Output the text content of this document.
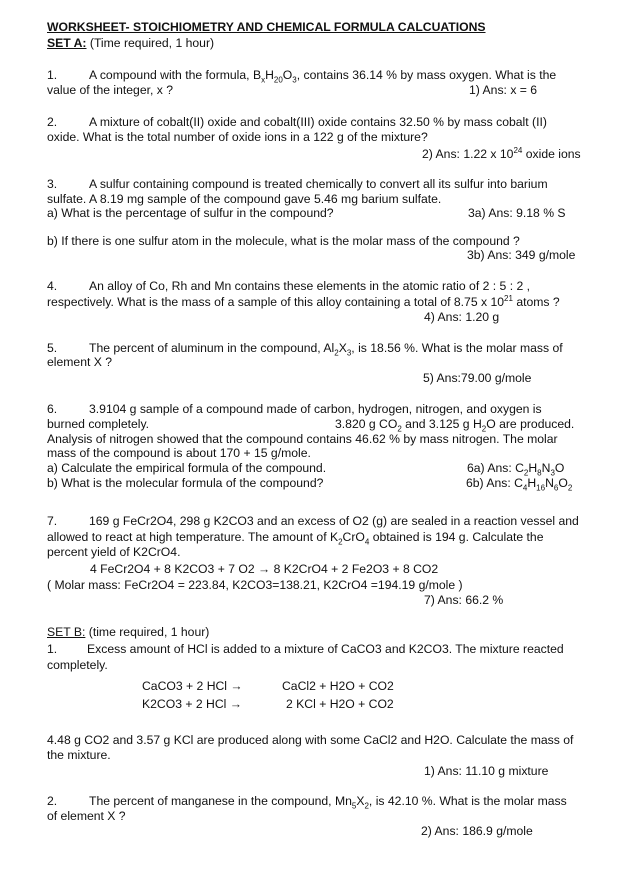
WORKSHEET- STOICHIOMETRY AND CHEMICAL FORMULA CALCUATIONS
SET A: (Time required, 1 hour)
1.	A compound with the formula, $B_xH_{20}O_3$, contains 36.14 % by mass oxygen. What is the
value of the integer, x ?	1) Ans: x = 6
2.	A mixture of cobalt(II) oxide and cobalt(III) oxide contains 32.50 % by mass cobalt (II)
oxide. What is the total number of oxide ions in a 122 g of the mixture?
2) Ans: 1.22 x $10^{24}$ oxide ions
3.	A sulfur containing compound is treated chemically to convert all its sulfur into barium
sulfate. A 8.19 mg sample of the compound gave 5.46 mg barium sulfate.
a) What is the percentage of sulfur in the compound?	3a) Ans: 9.18 % S
b) If there is one sulfur atom in the molecule, what is the molar mass of the compound ?
3b) Ans: 349 g/mole
4.	An alloy of Co, Rh and Mn contains these elements in the atomic ratio of 2 : 5 : 2 ,
respectively. What is the mass of a sample of this alloy containing a total of 8.75 x $10^{21}$ atoms ?
4) Ans: 1.20 g
5.	The percent of aluminum in the compound, $Al_2X_3$, is 18.56 %. What is the molar mass of
element X ?
5) Ans:79.00 g/mole
6.	3.9104 g sample of a compound made of carbon, hydrogen, nitrogen, and oxygen is
burned completely.	3.820 g $CO_2$ and 3.125 g $H_2O$ are produced.
Analysis of nitrogen showed that the compound contains 46.62 % by mass nitrogen. The molar
mass of the compound is about 170 + 15 g/mole.
a) Calculate the empirical formula of the compound.	6a) Ans: $C_2H_8N_3O$
b) What is the molecular formula of the compound?	6b) Ans: $C_4H_{16}N_6O_2$
7.	169 g FeCr2O4, 298 g K2CO3 and an excess of O2 (g) are sealed in a reaction vessel and
allowed to react at high temperature. The amount of $K_2CrO_4$ obtained is 194 g. Calculate the
percent yield of K2CrO4.
4 FeCr2O4 + 8 K2CO3 + 7 O2 → 8 K2CrO4 + 2 Fe2O3 + 8 CO2
( Molar mass: FeCr2O4 = 223.84, K2CO3=138.21, K2CrO4 =194.19 g/mole )
7) Ans: 66.2 %
SET B: (time required, 1 hour)
1. Excess amount of HCl is added to a mixture of CaCO3 and K2CO3. The mixture reacted
completely.
CaCO3 + 2 HCl →	CaCl2 + H2O + CO2
K2CO3 + 2 HCl →	2 KCl + H2O + CO2
4.48 g CO2 and 3.57 g KCl are produced along with some CaCl2 and H2O. Calculate the mass of
the mixture.
1) Ans: 11.10 g mixture
2.	The percent of manganese in the compound, $Mn_5X_2$, is 42.10 %. What is the molar mass
of element X ?
2) Ans: 186.9 g/mole
